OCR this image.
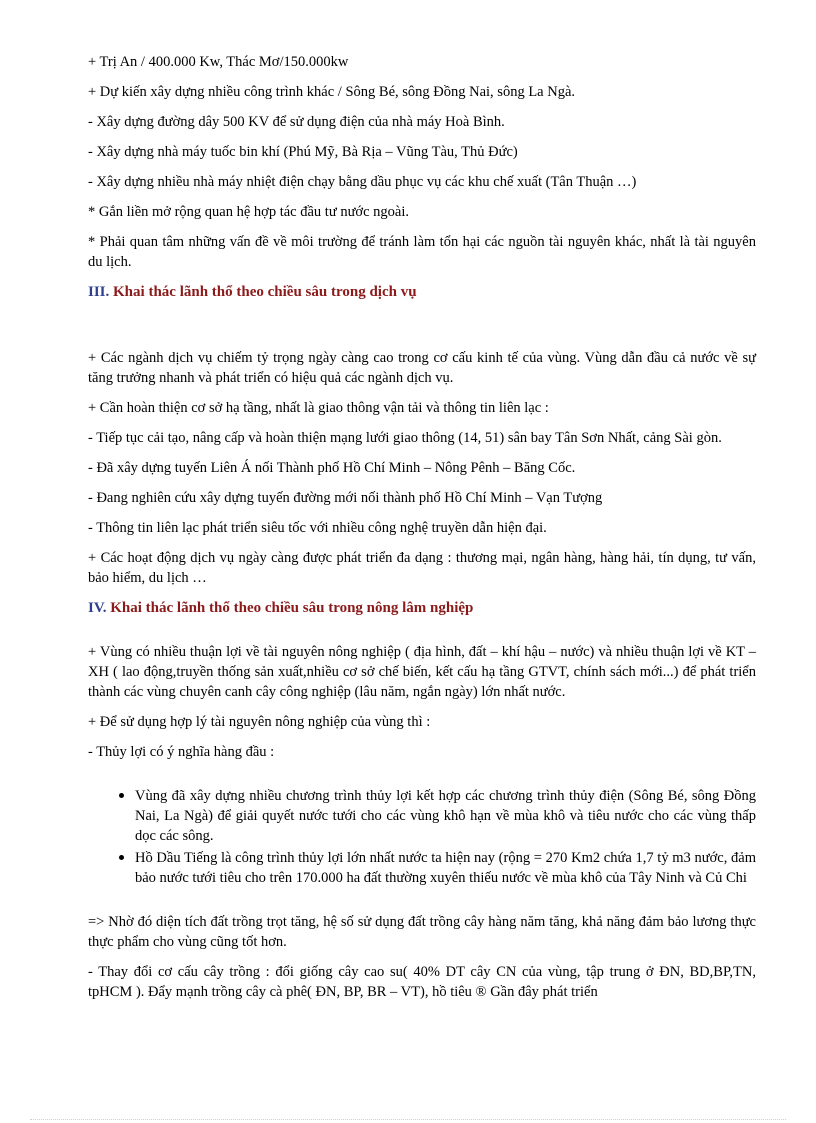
+ Trị An / 400.000 Kw, Thác Mơ/150.000kw

+ Dự kiến xây dựng nhiều công trình khác / Sông Bé, sông Đồng Nai, sông La Ngà.

- Xây dựng đường dây 500 KV để sử dụng điện của nhà máy Hoà Bình.

- Xây dựng nhà máy tuốc bin khí (Phú Mỹ, Bà Rịa – Vũng Tàu, Thủ Đức)

- Xây dựng nhiều nhà máy nhiệt điện chạy bằng dầu phục vụ các khu chế xuất (Tân Thuận …)

* Gắn liền mở rộng quan hệ hợp tác đầu tư nước ngoài.

* Phải quan tâm những vấn đề về môi trường để tránh làm tổn hại các nguồn tài nguyên khác, nhất là tài nguyên du lịch.

III. Khai thác lãnh thổ theo chiều sâu trong dịch vụ

+ Các ngành dịch vụ chiếm tỷ trọng ngày càng cao trong cơ cấu kinh tế của vùng. Vùng dẫn đầu cả nước về sự tăng trưởng nhanh và phát triển có hiệu quả các ngành dịch vụ.

+ Cần hoàn thiện cơ sở hạ tầng, nhất là giao thông vận tải và thông tin liên lạc :

- Tiếp tục cải tạo, nâng cấp và hoàn thiện mạng lưới giao thông (14, 51) sân bay Tân Sơn Nhất, cảng Sài gòn.

- Đã xây dựng tuyến Liên Á nối Thành phố Hồ Chí Minh – Nông Pênh – Băng Cốc.

- Đang nghiên cứu xây dựng tuyến đường mới nối thành phố Hồ Chí Minh – Vạn Tượng

- Thông tin liên lạc phát triển siêu tốc với nhiều công nghệ truyền dẫn hiện đại.

+ Các hoạt động dịch vụ ngày càng được phát triển đa dạng : thương mại, ngân hàng, hàng hải, tín dụng, tư vấn, bảo hiểm, du lịch …

IV. Khai thác lãnh thổ theo chiều sâu trong nông lâm nghiệp

+ Vùng có nhiều thuận lợi về tài nguyên nông nghiệp ( địa hình, đất – khí hậu – nước) và nhiều thuận lợi về KT – XH ( lao động,truyền thống sản xuất,nhiều cơ sở chế biến, kết cấu hạ tầng GTVT, chính sách mới...) để phát triển thành các vùng chuyên canh cây công nghiệp (lâu năm, ngắn ngày) lớn nhất nước.

+ Để sử dụng hợp lý tài nguyên nông nghiệp của vùng thì :

- Thủy lợi có ý nghĩa hàng đầu :

Vùng đã xây dựng nhiều chương trình thủy lợi kết hợp các chương trình thủy điện (Sông Bé, sông Đồng Nai, La Ngà) để giải quyết nước tưới cho các vùng khô hạn về mùa khô và tiêu nước cho các vùng thấp dọc các sông.
Hồ Dầu Tiếng là công trình thủy lợi lớn nhất nước ta hiện nay (rộng = 270 Km2 chứa 1,7 tỷ m3 nước, đảm bảo nước tưới tiêu cho trên 170.000 ha đất thường xuyên thiếu nước về mùa khô của Tây Ninh và Củ Chi

=> Nhờ đó diện tích đất trồng trọt tăng, hệ số sử dụng đất trồng cây hàng năm tăng, khả năng đảm bảo lương thực thực phẩm cho vùng cũng tốt hơn.

- Thay đổi cơ cấu cây trồng : đổi giống cây cao su( 40% DT cây CN của vùng, tập trung ở ĐN, BD,BP,TN, tpHCM ). Đẩy mạnh trồng cây cà phê( ĐN, BP, BR – VT), hồ tiêu ® Gần đây phát triển
